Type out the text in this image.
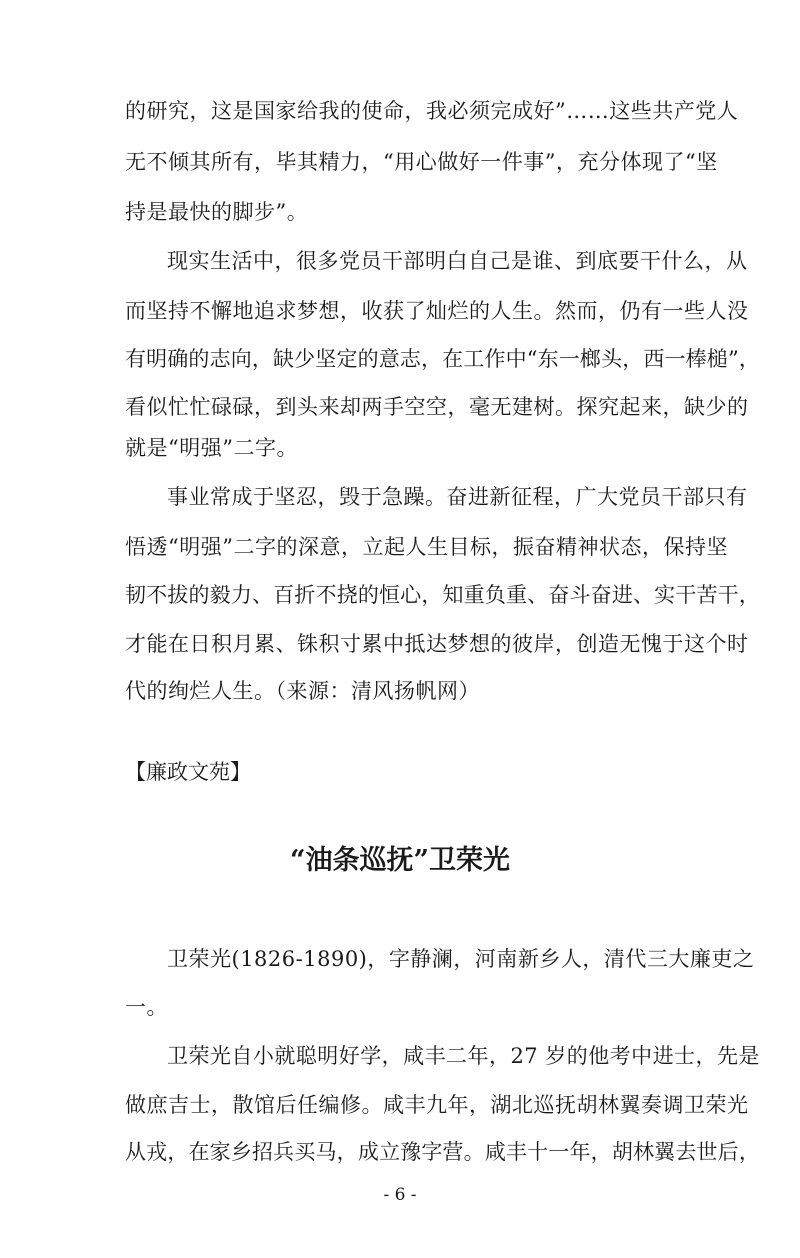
的研究，这是国家给我的使命，我必须完成好”……这些共产党人
无不倾其所有，毕其精力，“用心做好一件事”，充分体现了“坚
持是最快的脚步”。
现实生活中，很多党员干部明白自己是谁、到底要干什么，从
而坚持不懈地追求梦想，收获了灿烂的人生。然而，仍有一些人没
有明确的志向，缺少坚定的意志，在工作中“东一榔头，西一棒槌”，
看似忙忙碌碌，到头来却两手空空，毫无建树。探究起来，缺少的
就是“明强”二字。
事业常成于坚忍，毁于急躁。奋进新征程，广大党员干部只有
悟透“明强”二字的深意，立起人生目标，振奋精神状态，保持坚
韧不拔的毅力、百折不挠的恒心，知重负重、奋斗奋进、实干苦干，
才能在日积月累、铢积寸累中抵达梦想的彼岸，创造无愧于这个时
代的绚烂人生。（来源：清风扬帆网）
【廉政文苑】
“油条巡抚”卫荣光
卫荣光(1826-1890)，字静澜，河南新乡人，清代三大廉吏之
一。
卫荣光自小就聪明好学，咸丰二年，27 岁的他考中进士，先是
做庶吉士，散馆后任编修。咸丰九年，湖北巡抚胡林翼奏调卫荣光
从戎，在家乡招兵买马，成立豫字营。咸丰十一年，胡林翼去世后，
- 6 -
